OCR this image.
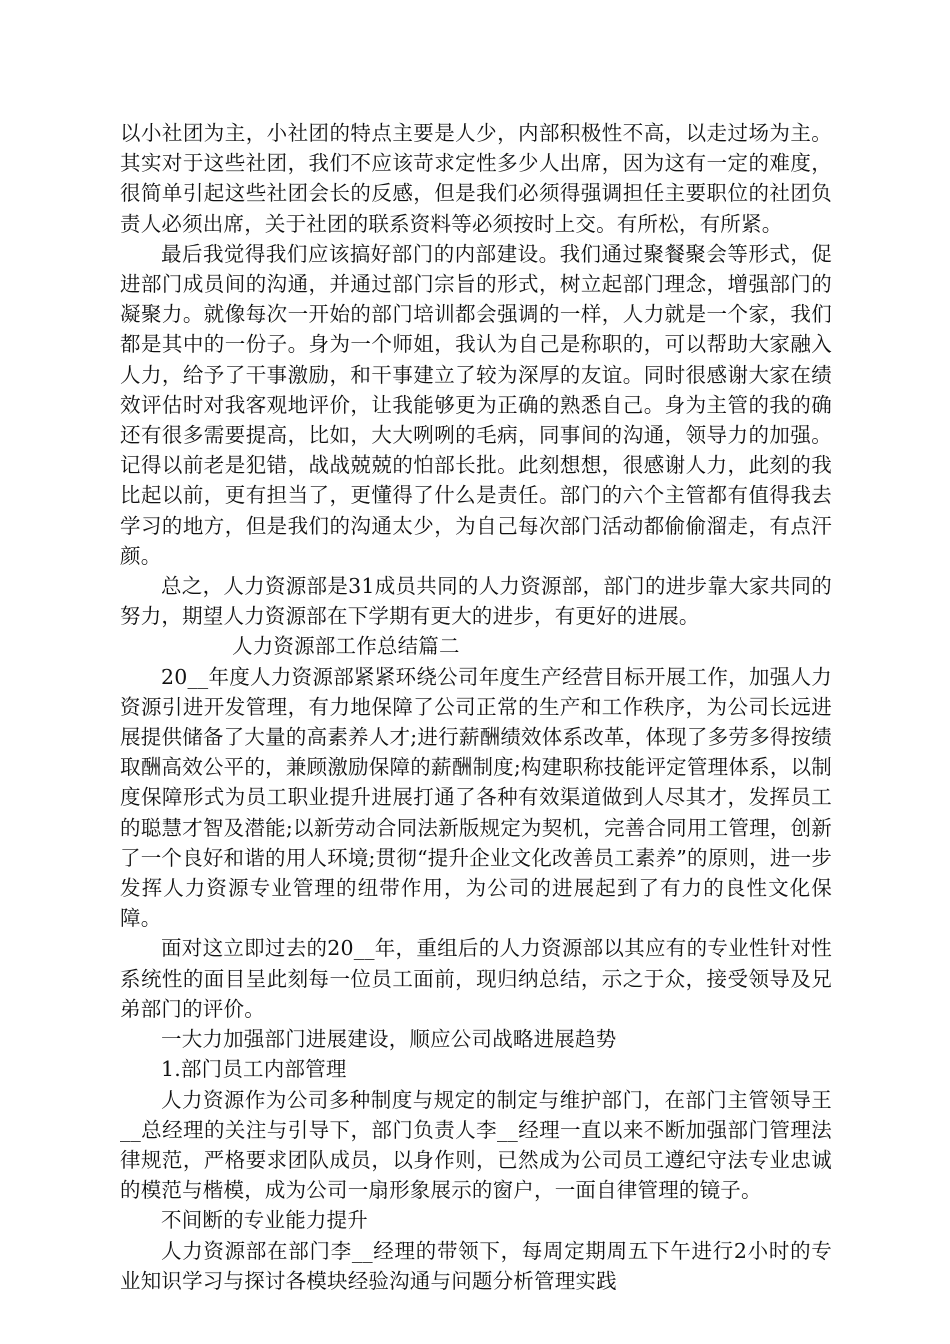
以小社团为主，小社团的特点主要是人少，内部积极性不高，以走过场为主。其实对于这些社团，我们不应该苛求定性多少人出席，因为这有一定的难度，很简单引起这些社团会长的反感，但是我们必须得强调担任主要职位的社团负责人必须出席，关于社团的联系资料等必须按时上交。有所松，有所紧。

最后我觉得我们应该搞好部门的内部建设。我们通过聚餐聚会等形式，促进部门成员间的沟通，并通过部门宗旨的形式，树立起部门理念，增强部门的凝聚力。就像每次一开始的部门培训都会强调的一样，人力就是一个家，我们都是其中的一份子。身为一个师姐，我认为自己是称职的，可以帮助大家融入人力，给予了干事激励，和干事建立了较为深厚的友谊。同时很感谢大家在绩效评估时对我客观地评价，让我能够更为正确的熟悉自己。身为主管的我的确还有很多需要提高，比如，大大咧咧的毛病，同事间的沟通，领导力的加强。记得以前老是犯错，战战兢兢的怕部长批。此刻想想，很感谢人力，此刻的我比起以前，更有担当了，更懂得了什么是责任。部门的六个主管都有值得我去学习的地方，但是我们的沟通太少，为自己每次部门活动都偷偷溜走，有点汗颜。

总之，人力资源部是31成员共同的人力资源部，部门的进步靠大家共同的努力，期望人力资源部在下学期有更大的进步，有更好的进展。

人力资源部工作总结篇二

20__年度人力资源部紧紧环绕公司年度生产经营目标开展工作，加强人力资源引进开发管理，有力地保障了公司正常的生产和工作秩序，为公司长远进展提供储备了大量的高素养人才;进行薪酬绩效体系改革，体现了多劳多得按绩取酬高效公平的，兼顾激励保障的薪酬制度;构建职称技能评定管理体系，以制度保障形式为员工职业提升进展打通了各种有效渠道做到人尽其才，发挥员工的聪慧才智及潜能;以新劳动合同法新版规定为契机，完善合同用工管理，创新了一个良好和谐的用人环境;贯彻“提升企业文化改善员工素养”的原则，进一步发挥人力资源专业管理的纽带作用，为公司的进展起到了有力的良性文化保障。

面对这立即过去的20__年，重组后的人力资源部以其应有的专业性针对性系统性的面目呈此刻每一位员工面前，现归纳总结，示之于众，接受领导及兄弟部门的评价。

一大力加强部门进展建设，顺应公司战略进展趋势

1.部门员工内部管理

人力资源作为公司多种制度与规定的制定与维护部门，在部门主管领导王__总经理的关注与引导下，部门负责人李__经理一直以来不断加强部门管理法律规范，严格要求团队成员，以身作则，已然成为公司员工遵纪守法专业忠诚的模范与楷模，成为公司一扇形象展示的窗户，一面自律管理的镜子。

不间断的专业能力提升

人力资源部在部门李__经理的带领下，每周定期周五下午进行2小时的专业知识学习与探讨各模块经验沟通与问题分析管理实践
